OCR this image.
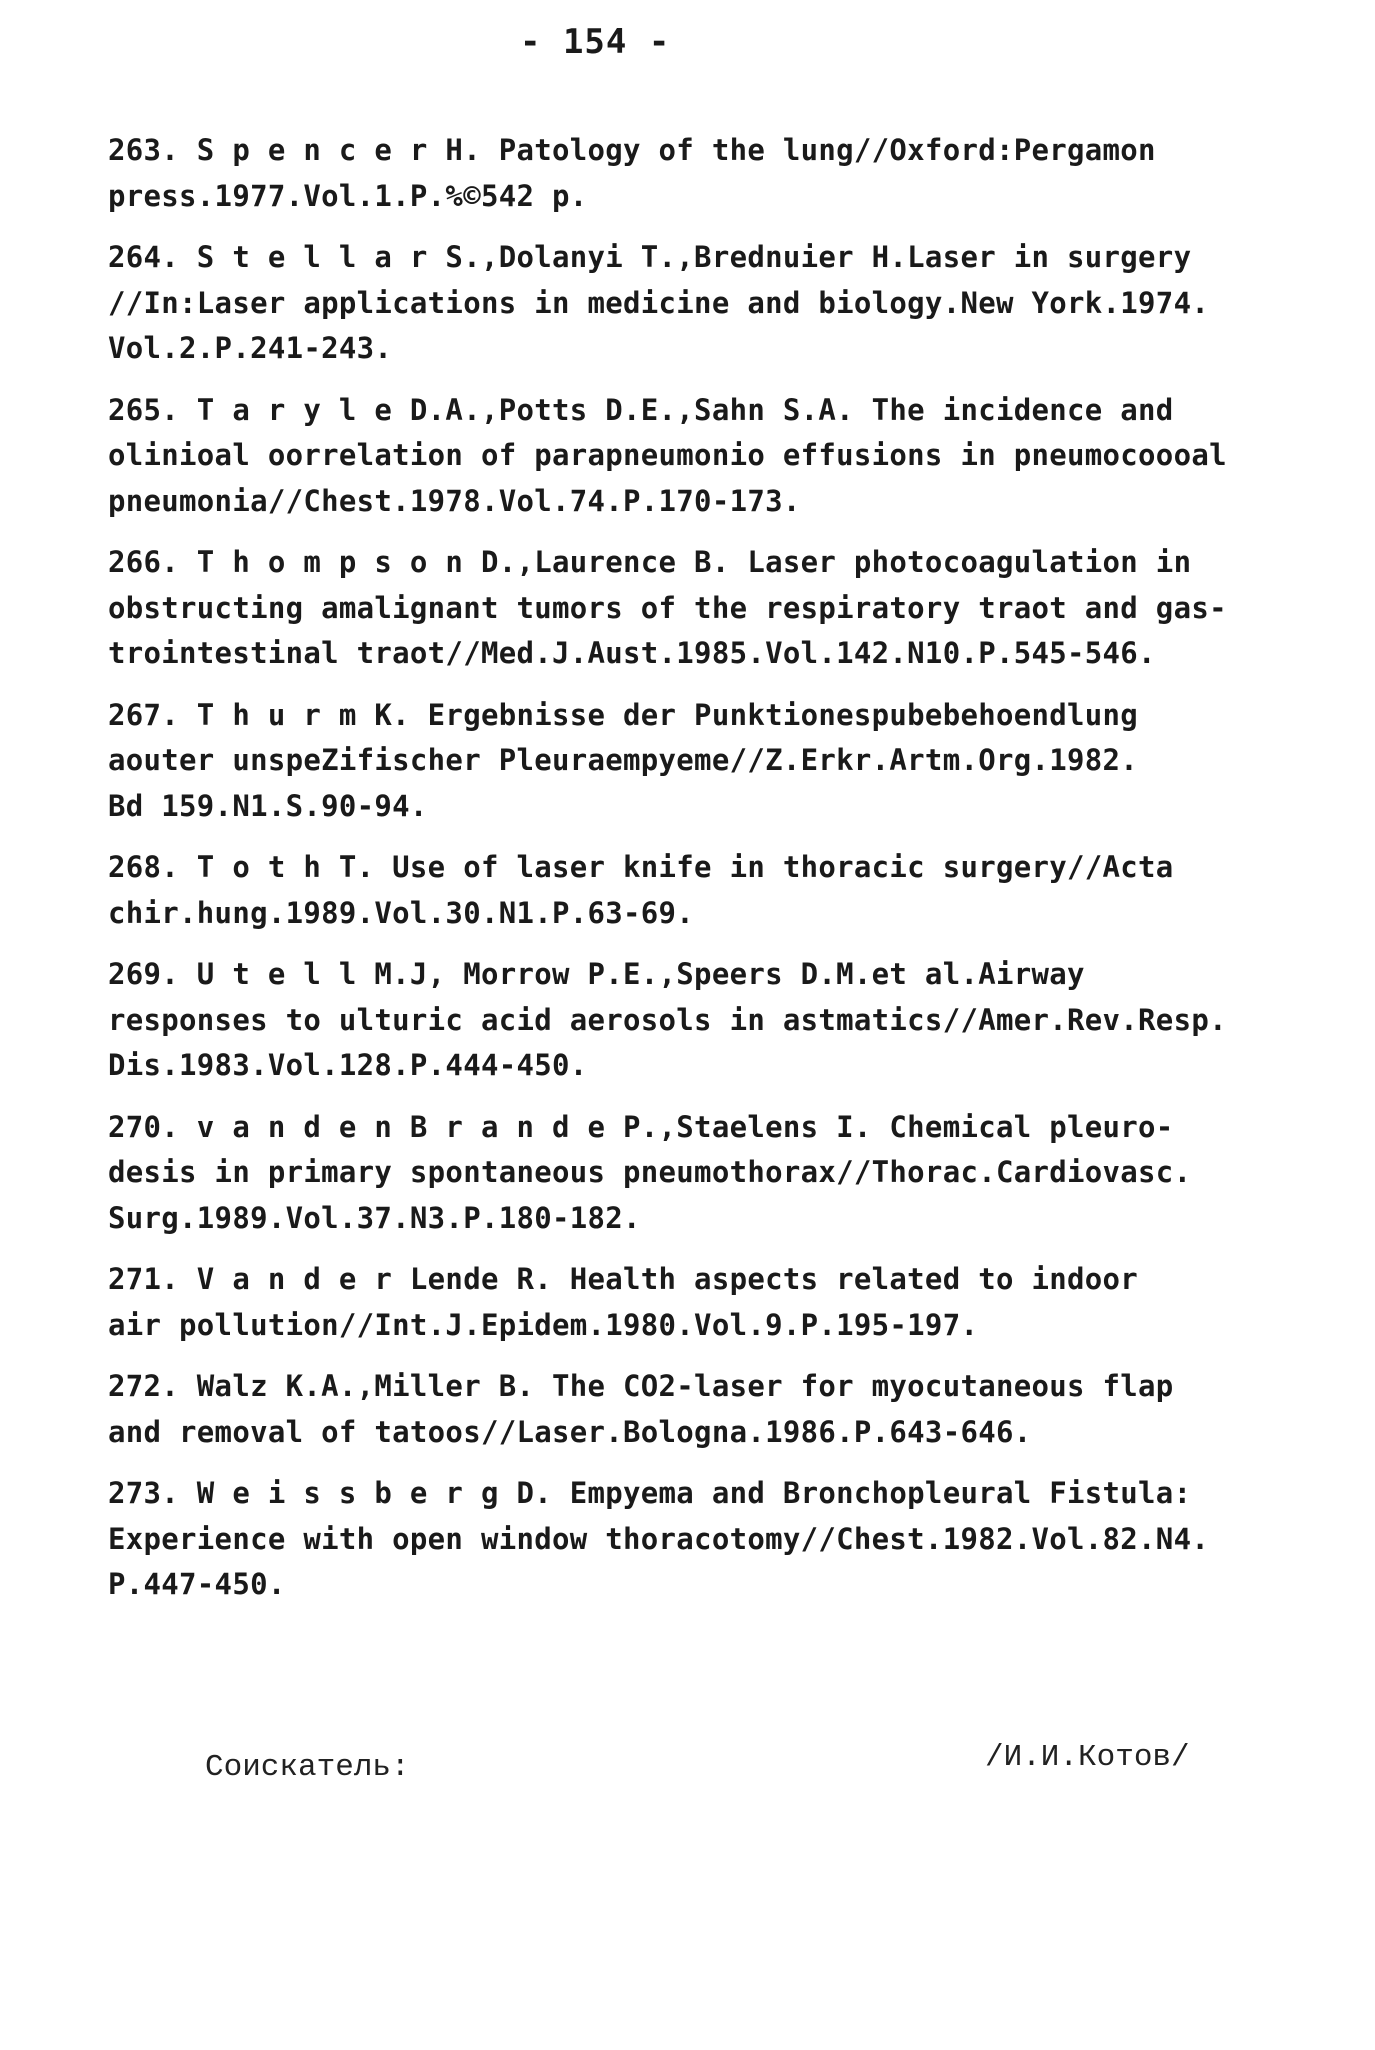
- 154 -
263. S p e n c e r H. Patology of the lung//Oxford:Pergamon
press.1977.Vol.1.P.%©542 p.
264. S t e l l a r S.,Dolanyi T.,Brednuier H.Laser in surgery
//In:Laser applications in medicine and biology.New York.1974.
Vol.2.P.241-243.
265. T a r y l e D.A.,Potts D.E.,Sahn S.A. The incidence and
olinioal oorrelation of parapneumonio effusions in pneumocoooal
pneumonia//Chest.1978.Vol.74.P.170-173.
266. T h o m p s o n D.,Laurence B. Laser photocoagulation in
obstructing amalignant tumors of the respiratory traot and gas-
trointestinal traot//Med.J.Aust.1985.Vol.142.N10.P.545-546.
267. T h u r m K. Ergebnisse der Punktionespubebehoendlung
aouter unspeZifischer Pleuraempyeme//Z.Erkr.Artm.Org.1982.
Bd 159.N1.S.90-94.
268. T o t h T. Use of laser knife in thoracic surgery//Acta
chir.hung.1989.Vol.30.N1.P.63-69.
269. U t e l l M.J, Morrow P.E.,Speers D.M.et al.Airway
responses to ulturic acid aerosols in astmatics//Amer.Rev.Resp.
Dis.1983.Vol.128.P.444-450.
270. v a n d e n B r a n d e P.,Staelens I. Chemical pleuro-
desis in primary spontaneous pneumothorax//Thorac.Cardiovasc.
Surg.1989.Vol.37.N3.P.180-182.
271. V a n d e r Lende R. Health aspects related to indoor
air pollution//Int.J.Epidem.1980.Vol.9.P.195-197.
272. Walz K.A.,Miller B. The CO2-laser for myocutaneous flap
and removal of tatoos//Laser.Bologna.1986.P.643-646.
273. W e i s s b e r g D. Empyema and Bronchopleural Fistula:
Experience with open window thoracotomy//Chest.1982.Vol.82.N4.
P.447-450.
Соискатель:	/И.И.Котов/
